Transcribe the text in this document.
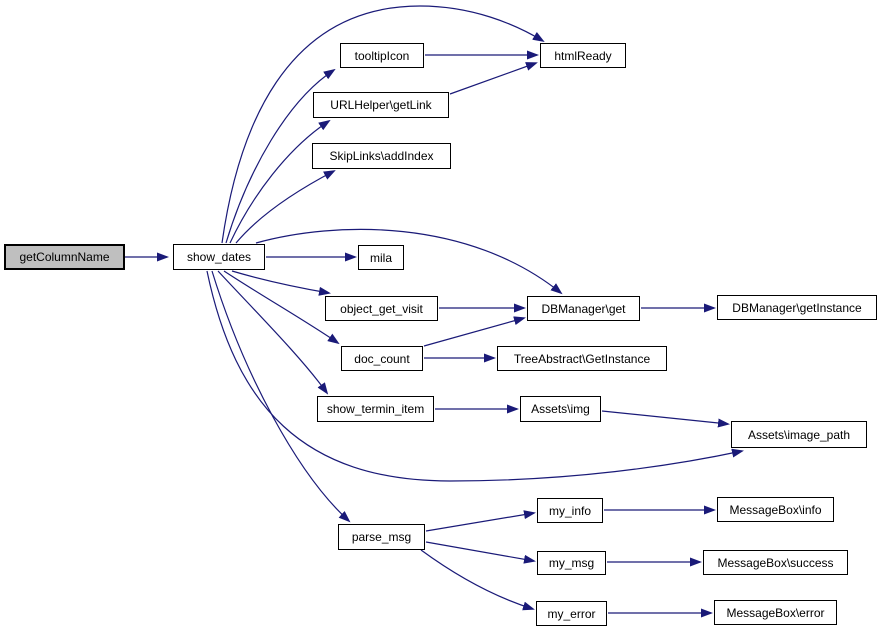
getColumnName	show_dates
tooltipIcon	htmlReady
URLHelper\getLink
SkipLinks\addIndex
mila
object_get_visit	DBManager\get	DBManager\getInstance
doc_count	TreeAbstract\GetInstance
show_termin_item	Assets\img
Assets\image_path
parse_msg
my_info	MessageBox\info
my_msg	MessageBox\success
my_error	MessageBox\error
